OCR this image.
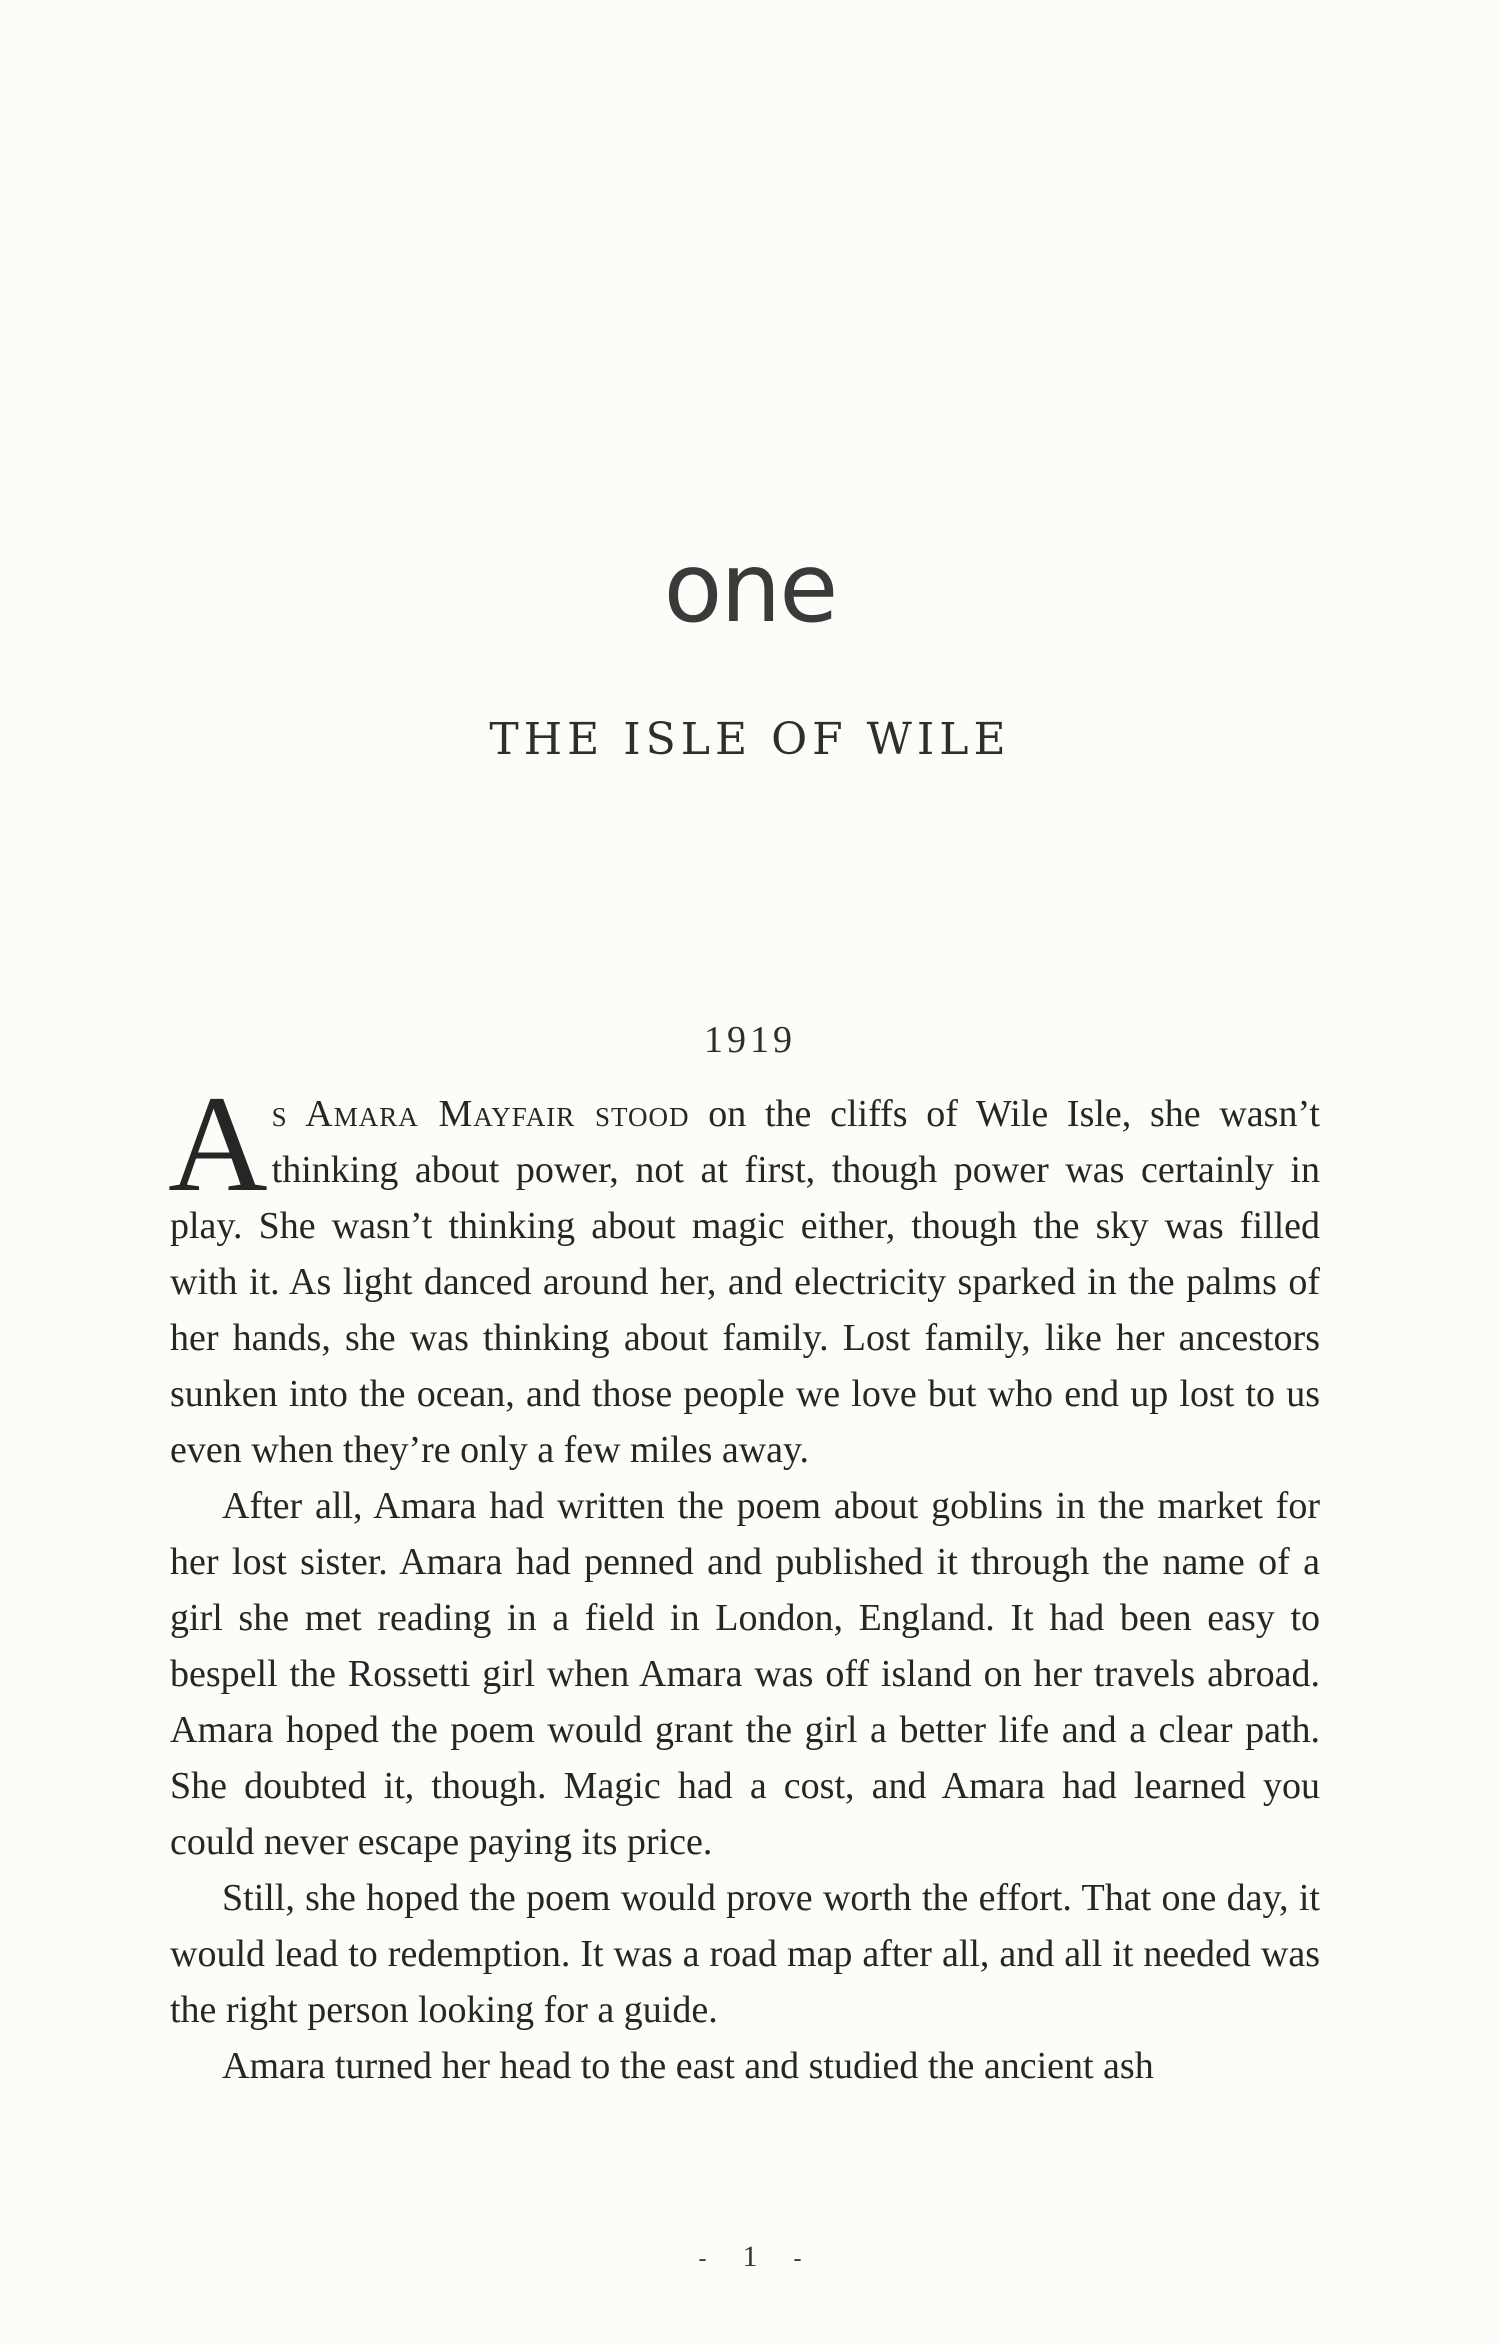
one
THE ISLE OF WILE
1919

As Amara Mayfair stood on the cliffs of Wile Isle, she wasn’t thinking about power, not at first, though power was certainly in play. She wasn’t thinking about magic either, though the sky was filled with it. As light danced around her, and electricity sparked in the palms of her hands, she was thinking about family. Lost family, like her ancestors sunken into the ocean, and those people we love but who end up lost to us even when they’re only a few miles away.

After all, Amara had written the poem about goblins in the market for her lost sister. Amara had penned and published it through the name of a girl she met reading in a field in London, England. It had been easy to bespell the Rossetti girl when Amara was off island on her travels abroad. Amara hoped the poem would grant the girl a better life and a clear path. She doubted it, though. Magic had a cost, and Amara had learned you could never escape paying its price.

Still, she hoped the poem would prove worth the effort. That one day, it would lead to redemption. It was a road map after all, and all it needed was the right person looking for a guide.

Amara turned her head to the east and studied the ancient ash

- 1 -
